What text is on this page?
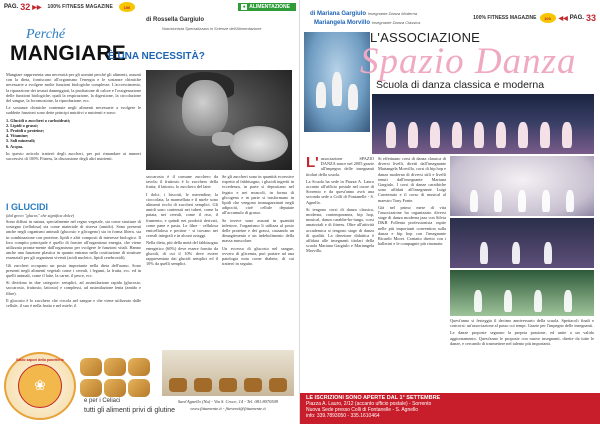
PAG. 32 ▶▶ 100% FITNESS MAGAZINE	100	● ALIMENTAZIONE
di Rossella Gargiulo
Nutrizionista Specializzata in Scienze dell'Alimentazione
Perché
MANGIARE
È UNA NECESSITÀ?

Mangiare rappresenta una necessità per gli uomini perché gli alimenti, assunti con la dieta, forniscono all'organismo l'energia e le sostanze chimiche necessarie a svolgere molte funzioni biologiche complesse. L'accrescimento, la riparazione dei tessuti danneggiati, la produzione di calore e l'ossigenazione delle funzioni biologiche, quali la respirazione, la digestione, la circolazione del sangue, la locomozione, la riproduzione, ecc.

Le sostanze chimiche contenute negli alimenti necessarie a svolgere le suddette funzioni sono dette principi nutritivi o nutrienti e sono:

1. Glucidi o zuccheri o carboidrati;
2. Lipidi o grassi;
3. Protidi o proteine;
4. Vitamine;
5. Sali minerali;
6. Acqua.

In questo articolo tratterò degli zuccheri, per poi rimandare ai numeri successivi di 100% Fitness, la discussione degli altri nutrienti.

I GLUCIDI
(dal greco "glucos" che significa dolce)

Sono diffusi in natura, specialmente nel regno vegetale, sia come strutture di sostegno (cellulosa) sia come materiale di riserva (amido). Sono presenti anche negli organismi animali (glucosio e glicogeno) sia in forma libera, sia in combinazione con proteine, lipidi e altri composti di interesse biologico. Il loro compito principale è quello di fornire all'organismo energia, che viene utilizzata pronta-mente dall'organismo per svolgere le funzioni vitali. Hanno anche una funzione plastica in quanto entrano nella costituzione di strutture essenziali per gli organismi viventi (acidi nucleici, lipidi cerebrosidi).

Gli zuccheri occupano un posto importante nella dieta dell'uomo. Sono presenti negli alimenti vegetali come i cereali, i legumi, la frutta, ecc. ed in quelli animali, come il latte, la carne, il pesce, ecc.

Si dividono in due categorie: semplici, ad assimilazione rapida (glucosio, saccarosio, fruttosio, lattosio) e complessi, ad assimilazione lenta (amido e fibre).

Il glucosio è lo zucchero che circola nel sangue e che viene utilizzato dalle cellule, il suo è nella frutta e nel miele; il

saccarosio è il comune zucchero da tavola; il fruttosio è lo zucchero della frutta; il lattosio, lo zucchero del latte.

I dolci, i biscotti, le merendine, la cioccolata, la marmellata e il miele sono alimenti ricchi di zuccheri semplici. Gli amidi sono contenuti nei tuberi, come la patata, nei cereali, come il riso, il frumento, e quindi nei prodotti derivati, come pane e pasta. Le fibre - cellulosa emicellulosa e pectine - si trovano nei cereali integrali e in alcuni ortaggi.

Nella dieta, più della metà del fabbisogno energetico (60%) deve essere fornito da glucidi, di cui il 10% deve essere rappresentato dai glucidi semplici ed il 10% da quelli semplici.

Se gli zuccheri sono in quantità eccessive rispetto al fabbisogno, i glucidi ingeriti in eccedenza, in parte si depositano nel fegato e nei muscoli, in forma di glicogeno e in parte si trasformano in lipidi che vengono immagazzinati negli adipociti, cioè cellule deputate all'accumulo di grasso.

Se invece sono assunti in quantità inferiore, l'organismo li utilizza al posto delle proteine e dei grassi, causando un dimagrimento e un indebolimento della massa muscolare.

Un eccesso di glucosio nel sangue, ovvero di glicemia, può portare ad una patologia nota come diabete, di cui tratterò in seguito.

Saldo sapori della panetteria
❀
e per i Celiaci
tutti gli alimenti privi di glutine
Sant'Agnello (Na) - Via S. Croce, 14 - Tel. 081.8070509
www.fittamente.it - fiteventi@fittamente.it
di Mariana Gargiulo Insegnante Danza Moderna
Mariangela Morvillo Insegnante Danza Classica
100% FITNESS MAGAZINE	100	◀◀ PAG. 33
L'ASSOCIAZIONE
Spazio Danza
Scuola di danza classica e moderna

L' associazione SPAZIO DANZA nasce nel 2005 grazie all'impegno delle insegnanti titolari della scuola.

La Scuola ha sede in Piazza A. Lauro accanto all'ufficio postale nel cuore di Sorrento e da quest'anno avrà una seconda sede a Colli di Fontanelle - S. Agnello.

Si tengono corsi di danza classica, moderna, contemporanea, hip hop, musical, danza carabbe-bo-tango, corsi amatoriali e di fitness. Oltre all'attività accademica si tengono stage di danza di qualità. La direzione didattica è affidata alle insegnanti titolari della scuola Mariana Gargiulo e Mariangela Morvillo.

Si effettuano corsi di danza classica di diversi livelli, diretti dall'insegnante Mariangela Morvillo, corsi di hip hop e danza moderna di diversi stili e livelli tenuti dall'insegnante Mariana Gargiulo. I corsi di danze caraibiche sono affidati all'insegnante Luigi Carotenuto e il corso di musical al maestro Tony Fonte.

Già nel primo mese di vita l'associazione ha organizzato diversi stage di danza moderna jazz con Silvia D&B Follenta professionista ospite nelle più importanti convention sulla danza e hip hop con l'insegnante Ricardo Moret. Contatto diretto con i ballerini e le compagnie più rinomate.

Quest'anno si festeggia il decimo anniversario della scuola. Spettacoli finali e concorsi: un'associazione al passo coi tempi. Grazie per l'impegno delle insegnanti.

Le danze proposte seguono la propria passione, ed unite a un valido aggiornamento. Quest'anno le proposte con nuove insegnanti, dirette da tutte le danze, e cercando di trasmettere nel talento più importanti.

LE ISCRIZIONI SONO APERTE DAL 1° SETTEMBRE
Piazza A. Lauro, 2/12 (accanto ufficio postale) - Sorrento
Nuova Sede presso Colli di Fontanelle - S. Agnello
info: 339.7893050 - 335.1610464
